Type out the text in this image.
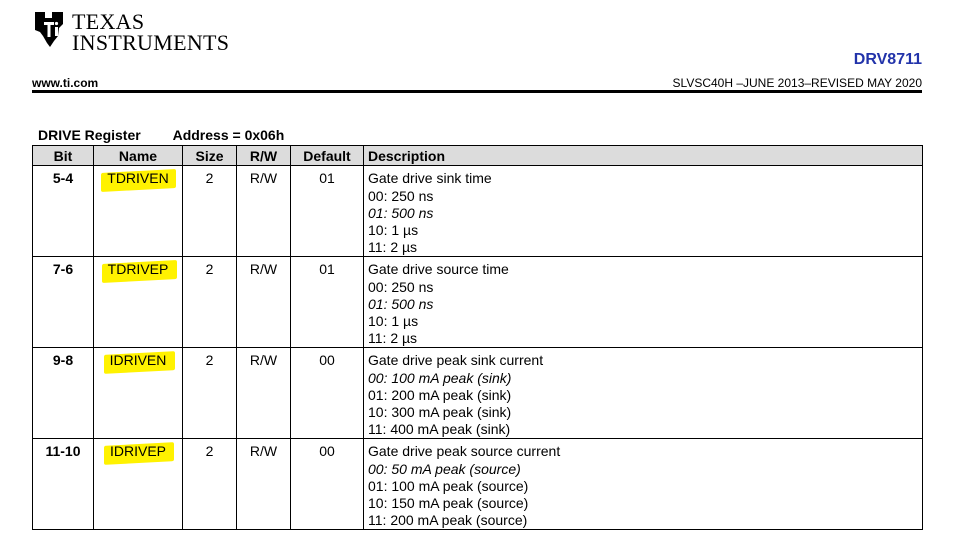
TEXAS
INSTRUMENTS
DRV8711
www.ti.com	SLVSC40H –JUNE 2013–REVISED MAY 2020
DRIVE Register Address = 0x06h
Bit	Name	Size	R/W	Default	Description
5-4	TDRIVEN	2	R/W	01	Gate drive sink time
00: 250 ns
01: 500 ns
10: 1 µs
11: 2 µs

7-6	TDRIVEP	2	R/W	01	Gate drive source time
00: 250 ns
01: 500 ns
10: 1 µs
11: 2 µs

9-8	IDRIVEN	2	R/W	00	Gate drive peak sink current
00: 100 mA peak (sink)
01: 200 mA peak (sink)
10: 300 mA peak (sink)
11: 400 mA peak (sink)

11-10	IDRIVEP	2	R/W	00	Gate drive peak source current
00: 50 mA peak (source)
01: 100 mA peak (source)
10: 150 mA peak (source)
11: 200 mA peak (source)
